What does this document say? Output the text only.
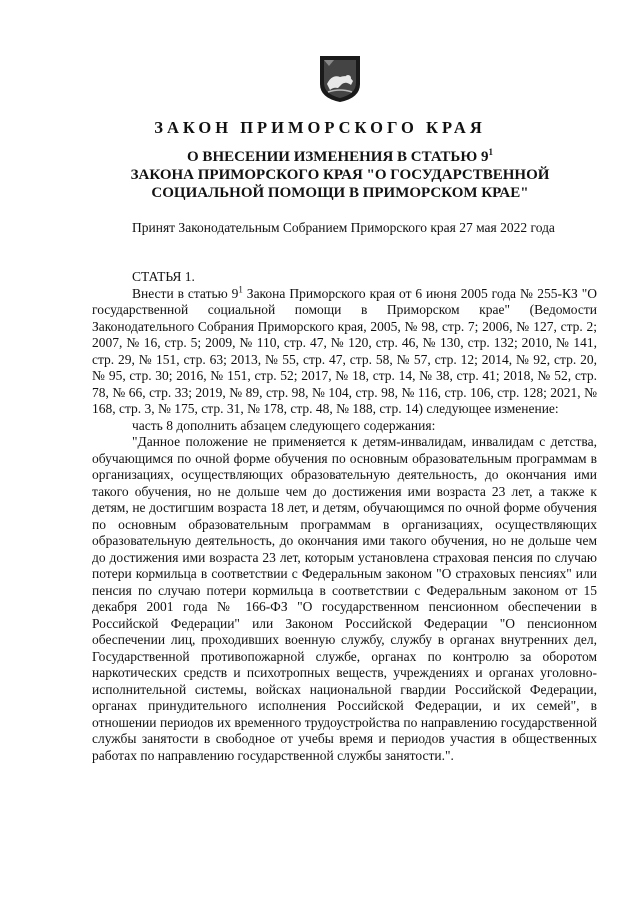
ЗАКОН ПРИМОРСКОГО КРАЯ
О ВНЕСЕНИИ ИЗМЕНЕНИЯ В СТАТЬЮ $9^1$
ЗАКОНА ПРИМОРСКОГО КРАЯ "О ГОСУДАРСТВЕННОЙ
СОЦИАЛЬНОЙ ПОМОЩИ В ПРИМОРСКОМ КРАЕ"
Принят Законодательным Собранием Приморского края 27 мая 2022 года

СТАТЬЯ 1.

Внести в статью $9^1$ Закона Приморского края от 6 июня 2005 года № 255-КЗ "О государственной социальной помощи в Приморском крае" (Ведомости Законодательного Собрания Приморского края, 2005, № 98, стр. 7; 2006, № 127, стр. 2; 2007, № 16, стр. 5; 2009, № 110, стр. 47, № 120, стр. 46, № 130, стр. 132; 2010, № 141, стр. 29, № 151, стр. 63; 2013, № 55, стр. 47, стр. 58, № 57, стр. 12; 2014, № 92, стр. 20, № 95, стр. 30; 2016, № 151, стр. 52; 2017, № 18, стр. 14, № 38, стр. 41; 2018, № 52, стр. 78, № 66, стр. 33; 2019, № 89, стр. 98, № 104, стр. 98, № 116, стр. 106, стр. 128; 2021, № 168, стр. 3, № 175, стр. 31, № 178, стр. 48, № 188, стр. 14) следующее изменение:

часть 8 дополнить абзацем следующего содержания:

"Данное положение не применяется к детям-инвалидам, инвалидам с детства, обучающимся по очной форме обучения по основным образовательным программам в организациях, осуществляющих образовательную деятельность, до окончания ими такого обучения, но не дольше чем до достижения ими возраста 23 лет, а также к детям, не достигшим возраста 18 лет, и детям, обучающимся по очной форме обучения по основным образовательным программам в организациях, осуществляющих образовательную деятельность, до окончания ими такого обучения, но не дольше чем до достижения ими возраста 23 лет, которым установлена страховая пенсия по случаю потери кормильца в соответствии с Федеральным законом "О страховых пенсиях" или пенсия по случаю потери кормильца в соответствии с Федеральным законом от 15 декабря 2001 года № 166-ФЗ "О государственном пенсионном обеспечении в Российской Федерации" или Законом Российской Федерации "О пенсионном обеспечении лиц, проходивших военную службу, службу в органах внутренних дел, Государственной противопожарной службе, органах по контролю за оборотом наркотических средств и психотропных веществ, учреждениях и органах уголовно-исполнительной системы, войсках национальной гвардии Российской Федерации, органах принудительного исполнения Российской Федерации, и их семей", в отношении периодов их временного трудоустройства по направлению государственной службы занятости в свободное от учебы время и периодов участия в общественных работах по направлению государственной службы занятости.".
